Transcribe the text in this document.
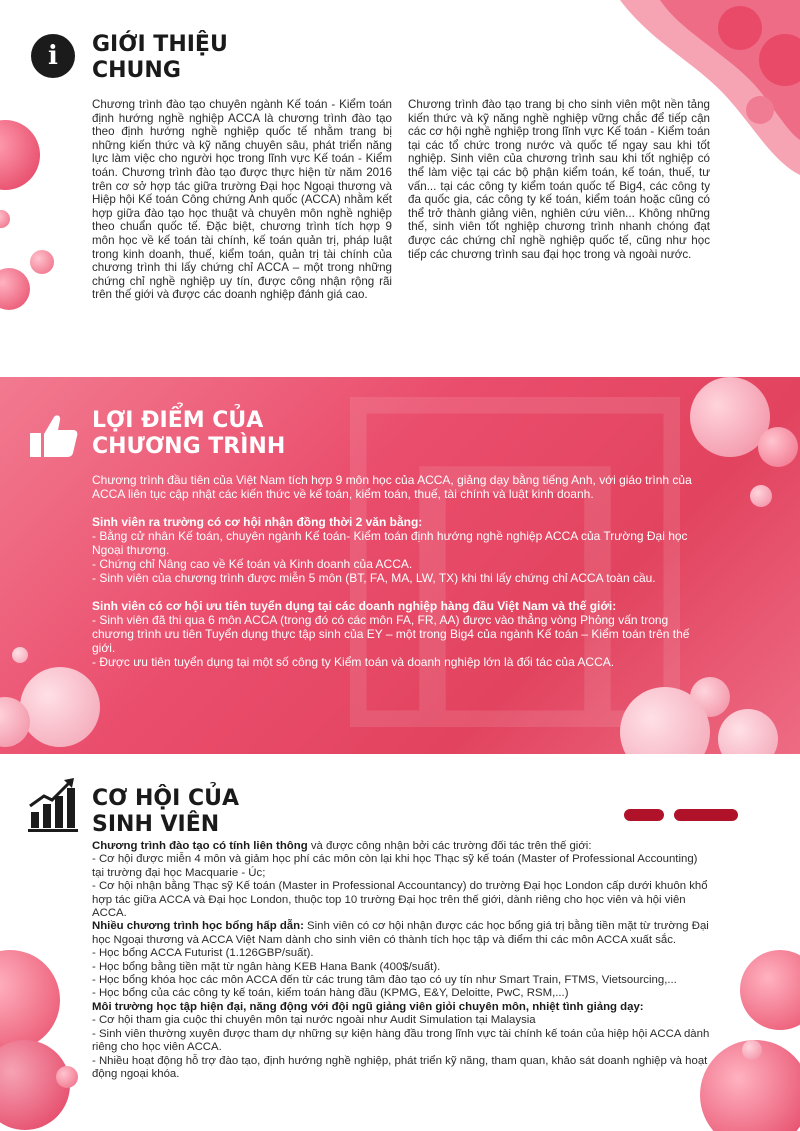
i	GIỚI THIỆU
CHUNG

Chương trình đào tạo chuyên ngành Kế toán - Kiểm toán định hướng nghề nghiệp ACCA là chương trình đào tạo theo định hướng nghề nghiệp quốc tế nhằm trang bị những kiến thức và kỹ năng chuyên sâu, phát triển năng lực làm việc cho người học trong lĩnh vực Kế toán - Kiểm toán. Chương trình đào tạo được thực hiện từ năm 2016 trên cơ sở hợp tác giữa trường Đại học Ngoại thương và Hiệp hội Kế toán Công chứng Anh quốc (ACCA) nhằm kết hợp giữa đào tạo học thuật và chuyên môn nghề nghiệp theo chuẩn quốc tế. Đặc biệt, chương trình tích hợp 9 môn học về kế toán tài chính, kế toán quản trị, pháp luật trong kinh doanh, thuế, kiểm toán, quản trị tài chính của chương trình thi lấy chứng chỉ ACCA – một trong những chứng chỉ nghề nghiệp uy tín, được công nhận rộng rãi trên thế giới và được các doanh nghiệp đánh giá cao.

Chương trình đào tạo trang bị cho sinh viên một nền tảng kiến thức và kỹ năng nghề nghiệp vững chắc để tiếp cận các cơ hội nghề nghiệp trong lĩnh vực Kế toán - Kiểm toán tại các tổ chức trong nước và quốc tế ngay sau khi tốt nghiệp. Sinh viên của chương trình sau khi tốt nghiệp có thể làm việc tại các bộ phận kiểm toán, kế toán, thuế, tư vấn... tại các công ty kiểm toán quốc tế Big4, các công ty đa quốc gia, các công ty kế toán, kiểm toán hoặc cũng có thể trở thành giảng viên, nghiên cứu viên... Không những thế, sinh viên tốt nghiệp chương trình nhanh chóng đạt được các chứng chỉ nghề nghiệp quốc tế, cũng như học tiếp các chương trình sau đại học trong và ngoài nước.

LỢI ĐIỂM CỦA
CHƯƠNG TRÌNH

Chương trình đầu tiên của Việt Nam tích hợp 9 môn học của ACCA, giảng dạy bằng tiếng Anh, với giáo trình của ACCA liên tục cập nhật các kiến thức về kế toán, kiểm toán, thuế, tài chính và luật kinh doanh.

Sinh viên ra trường có cơ hội nhận đồng thời 2 văn bằng:

- Bằng cử nhân Kế toán, chuyên ngành Kế toán- Kiểm toán định hướng nghề nghiệp ACCA của Trường Đại học Ngoại thương.

- Chứng chỉ Nâng cao về Kế toán và Kinh doanh của ACCA.

- Sinh viên của chương trình được miễn 5 môn (BT, FA, MA, LW, TX) khi thi lấy chứng chỉ ACCA toàn cầu.

Sinh viên có cơ hội ưu tiên tuyển dụng tại các doanh nghiệp hàng đầu Việt Nam và thế giới:

- Sinh viên đã thi qua 6 môn ACCA (trong đó có các môn FA, FR, AA) được vào thẳng vòng Phỏng vấn trong chương trình ưu tiên Tuyển dụng thực tập sinh của EY – một trong Big4 của ngành Kế toán – Kiểm toán trên thế giới.

- Được ưu tiên tuyển dụng tại một số công ty Kiểm toán và doanh nghiệp lớn là đối tác của ACCA.

CƠ HỘI CỦA
SINH VIÊN

Chương trình đào tạo có tính liên thông và được công nhận bởi các trường đối tác trên thế giới:

- Cơ hội được miễn 4 môn và giảm học phí các môn còn lại khi học Thạc sỹ kế toán (Master of Professional Accounting) tại trường đại học Macquarie - Úc;

- Cơ hội nhận bằng Thạc sỹ Kế toán (Master in Professional Accountancy) do trường Đại học London cấp dưới khuôn khổ hợp tác giữa ACCA và Đại học London, thuộc top 10 trường Đại học trên thế giới, dành riêng cho học viên và hội viên ACCA.

Nhiều chương trình học bổng hấp dẫn: Sinh viên có cơ hội nhận được các học bổng giá trị bằng tiền mặt từ trường Đại học Ngoại thương và ACCA Việt Nam dành cho sinh viên có thành tích học tập và điểm thi các môn ACCA xuất sắc.

- Học bổng ACCA Futurist (1.126GBP/suất).

- Học bổng bằng tiền mặt từ ngân hàng KEB Hana Bank (400$/suất).

- Học bổng khóa học các môn ACCA đến từ các trung tâm đào tạo có uy tín như Smart Train, FTMS, Vietsourcing,...

- Học bổng của các công ty kế toán, kiểm toán hàng đầu (KPMG, E&Y, Deloitte, PwC, RSM,...)

Môi trường học tập hiện đại, năng động với đội ngũ giảng viên giỏi chuyên môn, nhiệt tình giảng dạy:

- Cơ hội tham gia cuộc thi chuyên môn tại nước ngoài như Audit Simulation tại Malaysia

- Sinh viên thường xuyên được tham dự những sự kiện hàng đầu trong lĩnh vực tài chính kế toán của hiệp hội ACCA dành riêng cho học viên ACCA.

- Nhiều hoạt động hỗ trợ đào tạo, định hướng nghề nghiệp, phát triển kỹ năng, tham quan, khảo sát doanh nghiệp và hoạt động ngoại khóa.
